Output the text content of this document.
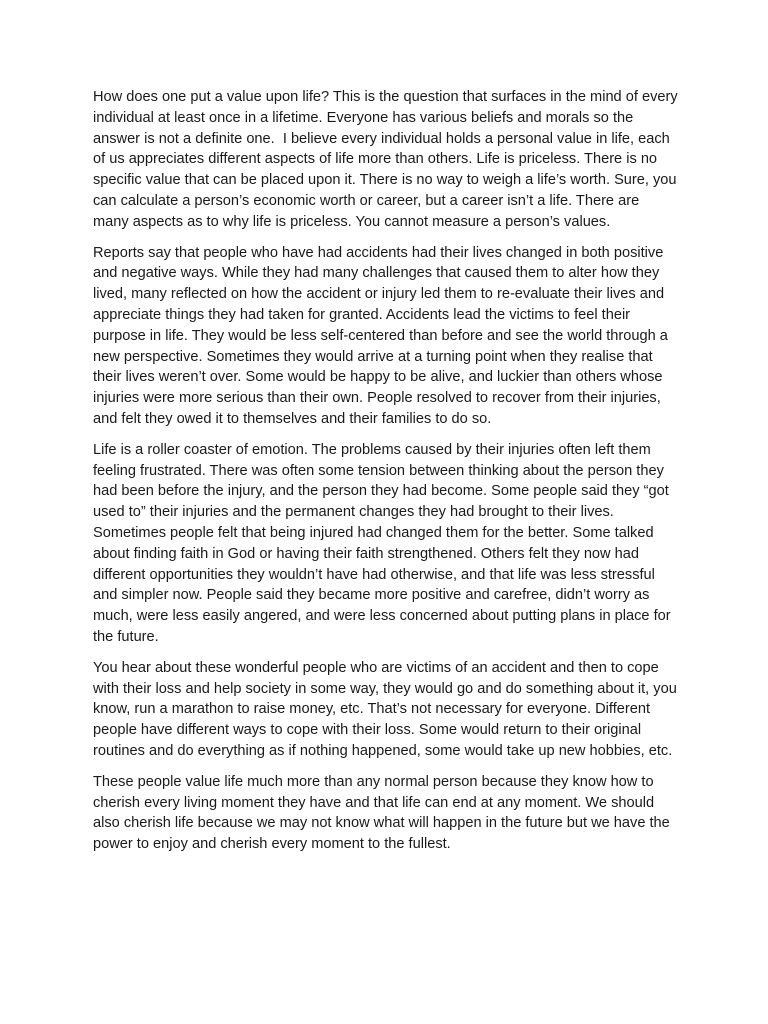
How does one put a value upon life? This is the question that surfaces in the mind of every individual at least once in a lifetime. Everyone has various beliefs and morals so the answer is not a definite one.  I believe every individual holds a personal value in life, each of us appreciates different aspects of life more than others. Life is priceless. There is no specific value that can be placed upon it. There is no way to weigh a life’s worth. Sure, you can calculate a person’s economic worth or career, but a career isn’t a life. There are many aspects as to why life is priceless. You cannot measure a person’s values.

Reports say that people who have had accidents had their lives changed in both positive and negative ways. While they had many challenges that caused them to alter how they lived, many reflected on how the accident or injury led them to re-evaluate their lives and appreciate things they had taken for granted. Accidents lead the victims to feel their purpose in life. They would be less self-centered than before and see the world through a new perspective. Sometimes they would arrive at a turning point when they realise that their lives weren’t over. Some would be happy to be alive, and luckier than others whose injuries were more serious than their own. People resolved to recover from their injuries, and felt they owed it to themselves and their families to do so.

Life is a roller coaster of emotion. The problems caused by their injuries often left them feeling frustrated. There was often some tension between thinking about the person they had been before the injury, and the person they had become. Some people said they “got used to” their injuries and the permanent changes they had brought to their lives. Sometimes people felt that being injured had changed them for the better. Some talked about finding faith in God or having their faith strengthened. Others felt they now had different opportunities they wouldn’t have had otherwise, and that life was less stressful and simpler now. People said they became more positive and carefree, didn’t worry as much, were less easily angered, and were less concerned about putting plans in place for the future.

You hear about these wonderful people who are victims of an accident and then to cope with their loss and help society in some way, they would go and do something about it, you know, run a marathon to raise money, etc. That’s not necessary for everyone. Different people have different ways to cope with their loss. Some would return to their original routines and do everything as if nothing happened, some would take up new hobbies, etc.

These people value life much more than any normal person because they know how to cherish every living moment they have and that life can end at any moment. We should also cherish life because we may not know what will happen in the future but we have the power to enjoy and cherish every moment to the fullest.
